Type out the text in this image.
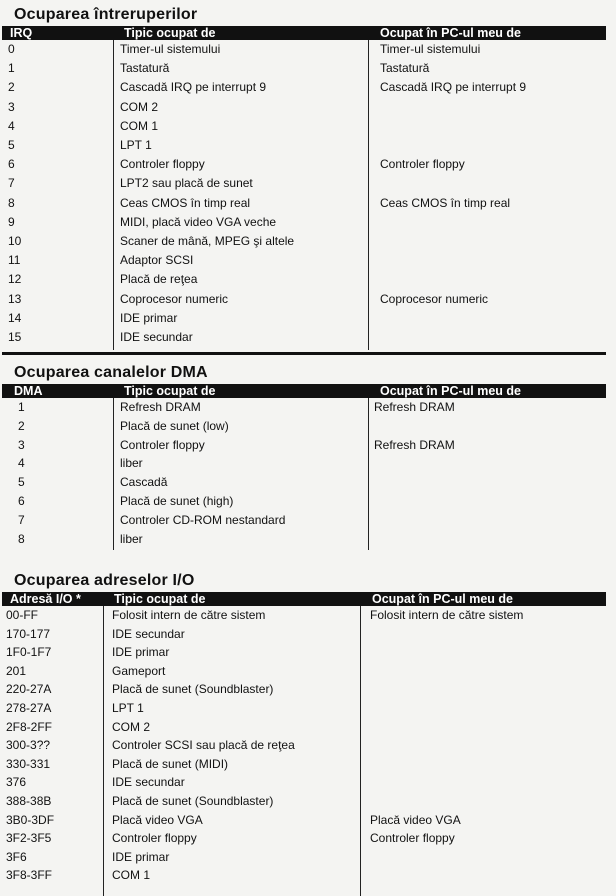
Ocuparea întreruperilor
IRQ	Tipic ocupat de	Ocupat în PC-ul meu de
0	Timer-ul sistemului	Timer-ul sistemului
1	Tastatură	Tastatură
2	Cascadă IRQ pe interrupt 9	Cascadă IRQ pe interrupt 9
3	COM 2
4	COM 1
5	LPT 1
6	Controler floppy	Controler floppy
7	LPT2 sau placă de sunet
8	Ceas CMOS în timp real	Ceas CMOS în timp real
9	MIDI, placă video VGA veche
10	Scaner de mână, MPEG şi altele
11	Adaptor SCSI
12	Placă de reţea
13	Coprocesor numeric	Coprocesor numeric
14	IDE primar
15	IDE secundar
Ocuparea canalelor DMA
DMA	Tipic ocupat de	Ocupat în PC-ul meu de
1	Refresh DRAM	Refresh DRAM
2	Placă de sunet (low)
3	Controler floppy	Refresh DRAM
4	liber
5	Cascadă
6	Placă de sunet (high)
7	Controler CD-ROM nestandard
8	liber
Ocuparea adreselor I/O
Adresă I/O *	Tipic ocupat de	Ocupat în PC-ul meu de
00-FF	Folosit intern de către sistem	Folosit intern de către sistem
170-177	IDE secundar
1F0-1F7	IDE primar
201	Gameport
220-27A	Placă de sunet (Soundblaster)
278-27A	LPT 1
2F8-2FF	COM 2
300-3??	Controler SCSI sau placă de reţea
330-331	Placă de sunet (MIDI)
376	IDE secundar
388-38B	Placă de sunet (Soundblaster)
3B0-3DF	Placă video VGA	Placă video VGA
3F2-3F5	Controler floppy	Controler floppy
3F6	IDE primar
3F8-3FF	COM 1
